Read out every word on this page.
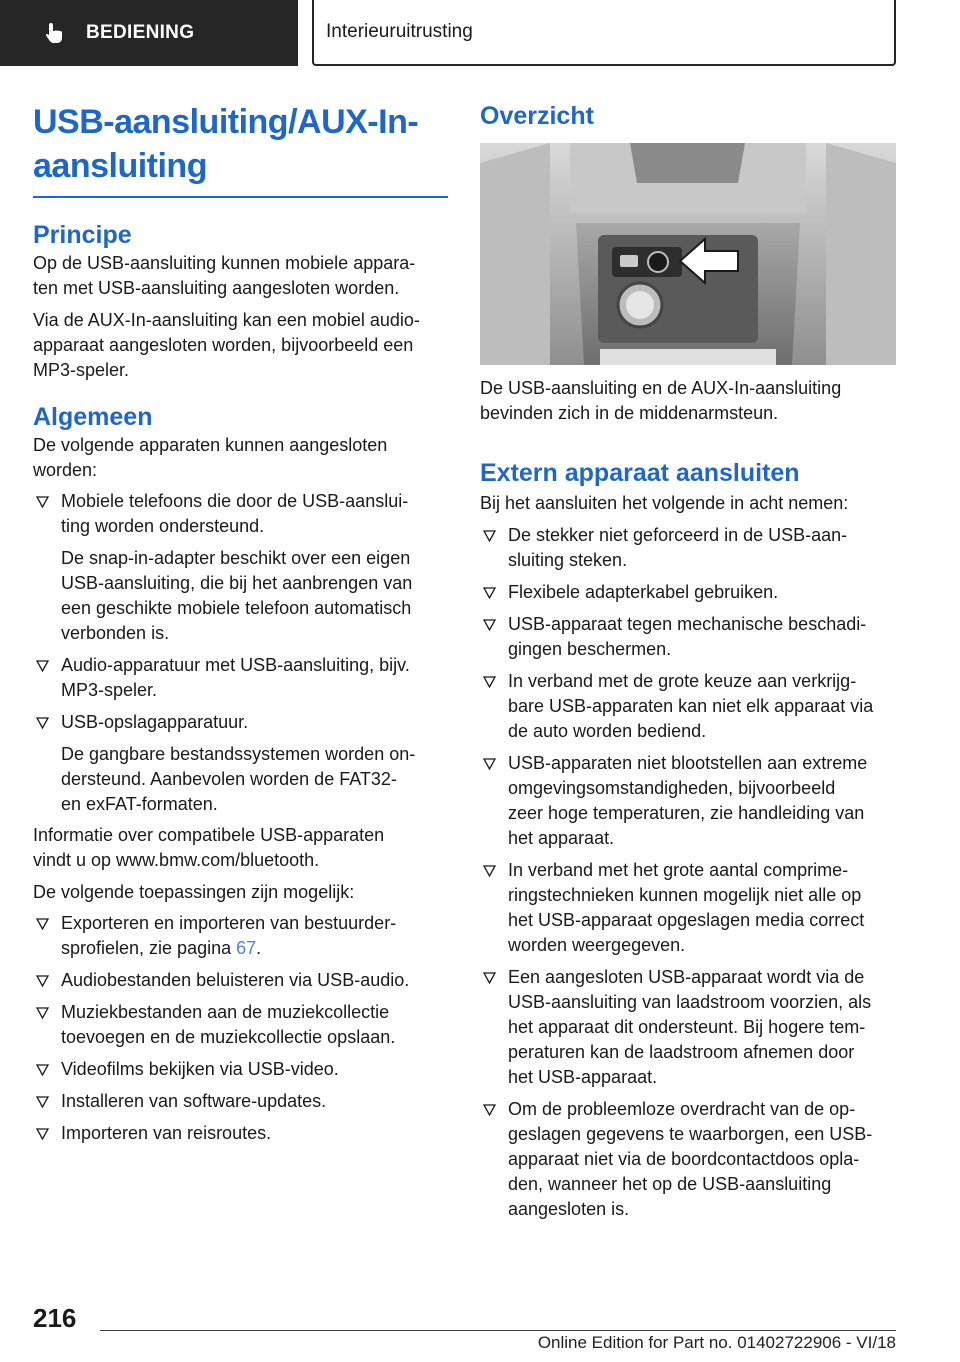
BEDIENING	Interieuruitrusting
USB-aansluiting/AUX-In-
aansluiting
Principe

Op de USB-aansluiting kunnen mobiele appara-
ten met USB-aansluiting aangesloten worden.

Via de AUX-In-aansluiting kan een mobiel audio-
apparaat aangesloten worden, bijvoorbeeld een
MP3-speler.

Algemeen

De volgende apparaten kunnen aangesloten
worden:

Mobiele telefoons die door de USB-aanslui-
ting worden ondersteund.
De snap-in-adapter beschikt over een eigen
USB-aansluiting, die bij het aanbrengen van
een geschikte mobiele telefoon automatisch
verbonden is.
Audio-apparatuur met USB-aansluiting, bijv.
MP3-speler.
USB-opslagapparatuur.
De gangbare bestandssystemen worden on-
dersteund. Aanbevolen worden de FAT32-
en exFAT-formaten.

Informatie over compatibele USB-apparaten
vindt u op www.bmw.com/bluetooth.

De volgende toepassingen zijn mogelijk:

Exporteren en importeren van bestuurder-
sprofielen, zie pagina 67.
Audiobestanden beluisteren via USB-audio.
Muziekbestanden aan de muziekcollectie
toevoegen en de muziekcollectie opslaan.
Videofilms bekijken via USB-video.
Installeren van software-updates.
Importeren van reisroutes.
Overzicht

De USB-aansluiting en de AUX-In-aansluiting
bevinden zich in de middenarmsteun.

Extern apparaat aansluiten

Bij het aansluiten het volgende in acht nemen:

De stekker niet geforceerd in de USB-aan-
sluiting steken.
Flexibele adapterkabel gebruiken.
USB-apparaat tegen mechanische beschadi-
gingen beschermen.
In verband met de grote keuze aan verkrijg-
bare USB-apparaten kan niet elk apparaat via
de auto worden bediend.
USB-apparaten niet blootstellen aan extreme
omgevingsomstandigheden, bijvoorbeeld
zeer hoge temperaturen, zie handleiding van
het apparaat.
In verband met het grote aantal comprime-
ringstechnieken kunnen mogelijk niet alle op
het USB-apparaat opgeslagen media correct
worden weergegeven.
Een aangesloten USB-apparaat wordt via de
USB-aansluiting van laadstroom voorzien, als
het apparaat dit ondersteunt. Bij hogere tem-
peraturen kan de laadstroom afnemen door
het USB-apparaat.
Om de probleemloze overdracht van de op-
geslagen gegevens te waarborgen, een USB-
apparaat niet via de boordcontactdoos opla-
den, wanneer het op de USB-aansluiting
aangesloten is.
216
Online Edition for Part no. 01402722906 - VI/18
